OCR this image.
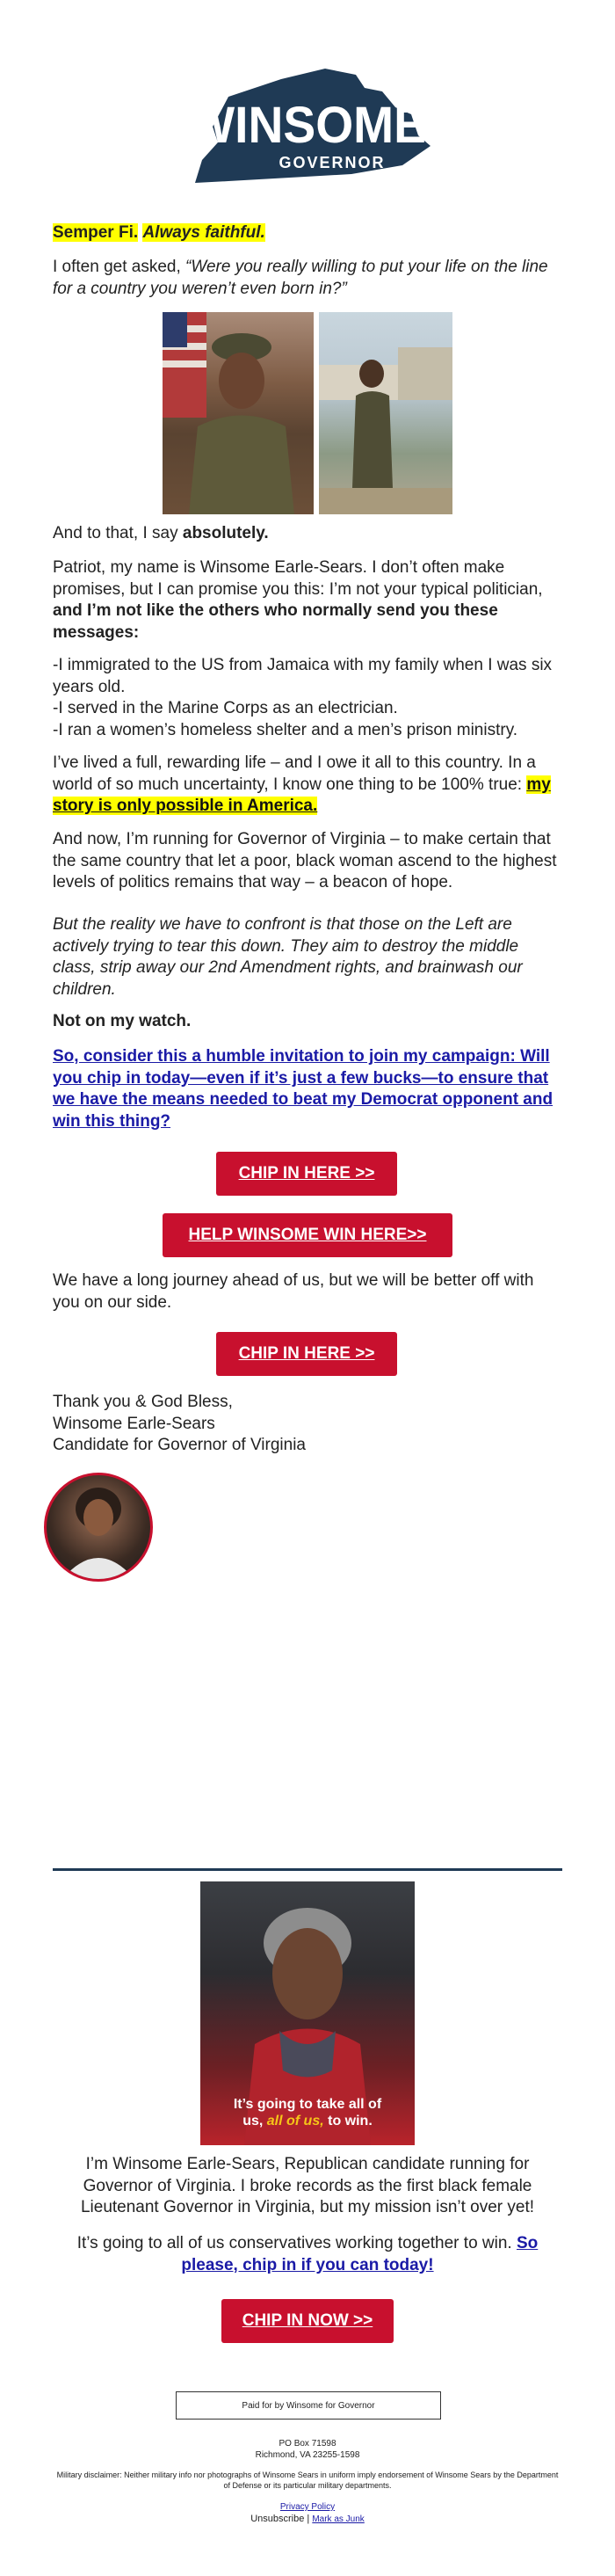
WINSOME
GOVERNOR

Semper Fi. Always faithful.

I often get asked, “Were you really willing to put your life on the line for a country you weren’t even born in?”

And to that, I say absolutely.

Patriot, my name is Winsome Earle-Sears. I don’t often make promises, but I can promise you this: I’m not your typical politician, and I’m not like the others who normally send you these messages:

-I immigrated to the US from Jamaica with my family when I was six years old.

-I served in the Marine Corps as an electrician.

-I ran a women’s homeless shelter and a men’s prison ministry.

I’ve lived a full, rewarding life – and I owe it all to this country. In a world of so much uncertainty, I know one thing to be 100% true: my story is only possible in America.

And now, I’m running for Governor of Virginia – to make certain that the same country that let a poor, black woman ascend to the highest levels of politics remains that way – a beacon of hope.

But the reality we have to confront is that those on the Left are actively trying to tear this down. They aim to destroy the middle class, strip away our 2nd Amendment rights, and brainwash our children.

Not on my watch.

So, consider this a humble invitation to join my campaign: Will you chip in today—even if it’s just a few bucks—to ensure that we have the means needed to beat my Democrat opponent and win this thing?

CHIP IN HERE >>
HELP WINSOME WIN HERE>>

We have a long journey ahead of us, but we will be better off with you on our side.

CHIP IN HERE >>

Thank you & God Bless,

Winsome Earle-Sears

Candidate for Governor of Virginia

It’s going to take all of
us, all of us, to win.

I’m Winsome Earle-Sears, Republican candidate running for Governor of Virginia. I broke records as the first black female Lieutenant Governor in Virginia, but my mission isn’t over yet!

It’s going to all of us conservatives working together to win. So please, chip in if you can today!

CHIP IN NOW >>
Paid for by Winsome for Governor
PO Box 71598
Richmond, VA 23255-1598
Military disclaimer: Neither military info nor photographs of Winsome Sears in uniform imply endorsement of Winsome Sears by the Department of Defense or its particular military departments.
Privacy Policy
Unsubscribe | Mark as Junk
